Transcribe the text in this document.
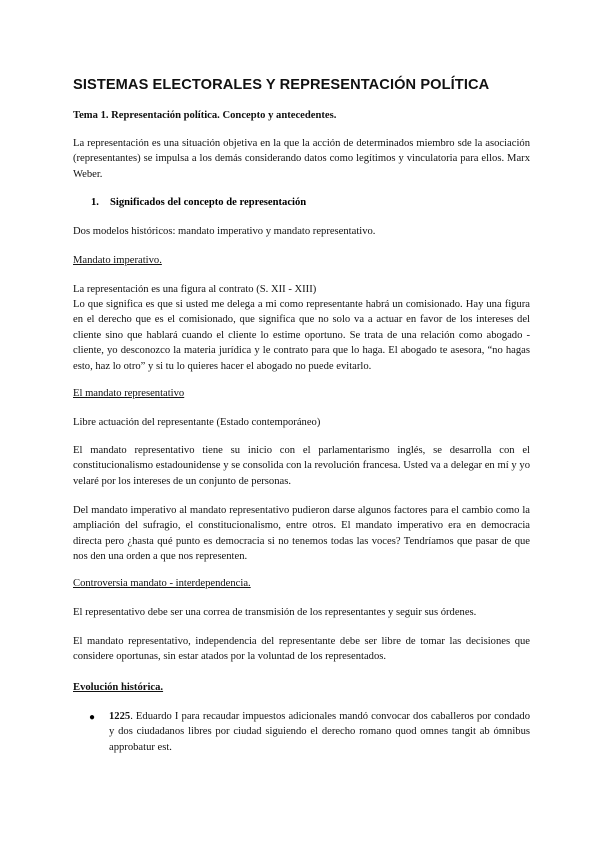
SISTEMAS ELECTORALES Y REPRESENTACIÓN POLÍTICA

Tema 1. Representación política. Concepto y antecedentes.

La representación es una situación objetiva en la que la acción de determinados miembro sde la asociación (representantes) se impulsa a los demás considerando datos como legítimos y vinculatoria para ellos. Marx Weber.

1. Significados del concepto de representación

Dos modelos históricos: mandato imperativo y mandato representativo.

Mandato imperativo.

La representación es una figura al contrato (S. XII - XIII)

Lo que significa es que si usted me delega a mi como representante habrá un comisionado. Hay una figura en el derecho que es el comisionado, que significa que no solo va a actuar en favor de los intereses del cliente sino que hablará cuando el cliente lo estime oportuno. Se trata de una relación como abogado - cliente, yo desconozco la materia jurídica y le contrato para que lo haga. El abogado te asesora, “no hagas esto, haz lo otro” y si tu lo quieres hacer el abogado no puede evitarlo.

El mandato representativo

Libre actuación del representante (Estado contemporáneo)

El mandato representativo tiene su inicio con el parlamentarismo inglés, se desarrolla con el constitucionalismo estadounidense y se consolida con la revolución francesa. Usted va a delegar en mí y yo velaré por los intereses de un conjunto de personas.

Del mandato imperativo al mandato representativo pudieron darse algunos factores para el cambio como la ampliación del sufragio, el constitucionalismo, entre otros. El mandato imperativo era en democracia directa pero ¿hasta qué punto es democracia si no tenemos todas las voces? Tendríamos que pasar de que nos den una orden a que nos representen.

Controversia mandato - interdependencia.

El representativo debe ser una correa de transmisión de los representantes y seguir sus órdenes.

El mandato representativo, independencia del representante debe ser libre de tomar las decisiones que considere oportunas, sin estar atados por la voluntad de los representados.

Evolución histórica.

● 1225. Eduardo I para recaudar impuestos adicionales mandó convocar dos caballeros por condado y dos ciudadanos libres por ciudad siguiendo el derecho romano quod omnes tangit ab ómnibus approbatur est.
